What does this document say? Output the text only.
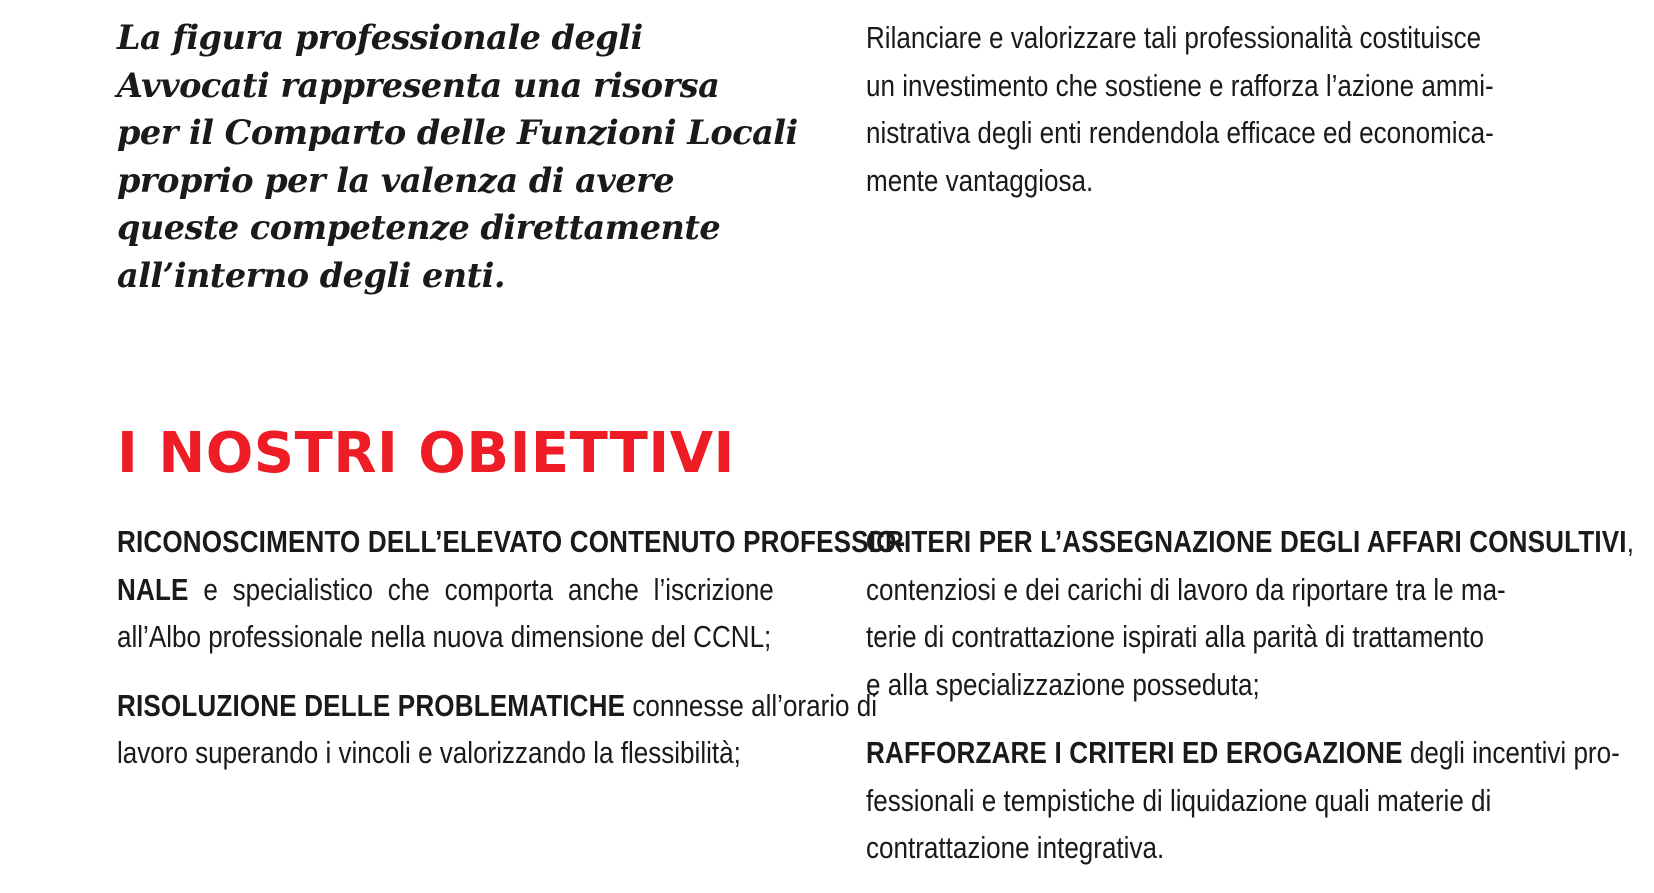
La figura professionale degli
Avvocati rappresenta una risorsa
per il Comparto delle Funzioni Locali
proprio per la valenza di avere
queste competenze direttamente
all’interno degli enti.
Rilanciare e valorizzare tali professionalità costituisce
un investimento che sostiene e rafforza l’azione ammi-
nistrativa degli enti rendendola efficace ed economica-
mente vantaggiosa.
I NOSTRI OBIETTIVI
RICONOSCIMENTO DELL’ELEVATO CONTENUTO PROFESSIO-
NALE e specialistico che comporta anche l’iscrizione
all’Albo professionale nella nuova dimensione del CCNL;
RISOLUZIONE DELLE PROBLEMATICHE connesse all’orario di
lavoro superando i vincoli e valorizzando la flessibilità;
CRITERI PER L’ASSEGNAZIONE DEGLI AFFARI CONSULTIVI,
contenziosi e dei carichi di lavoro da riportare tra le ma-
terie di contrattazione ispirati alla parità di trattamento
e alla specializzazione posseduta;
RAFFORZARE I CRITERI ED EROGAZIONE degli incentivi pro-
fessionali e tempistiche di liquidazione quali materie di
contrattazione integrativa.
